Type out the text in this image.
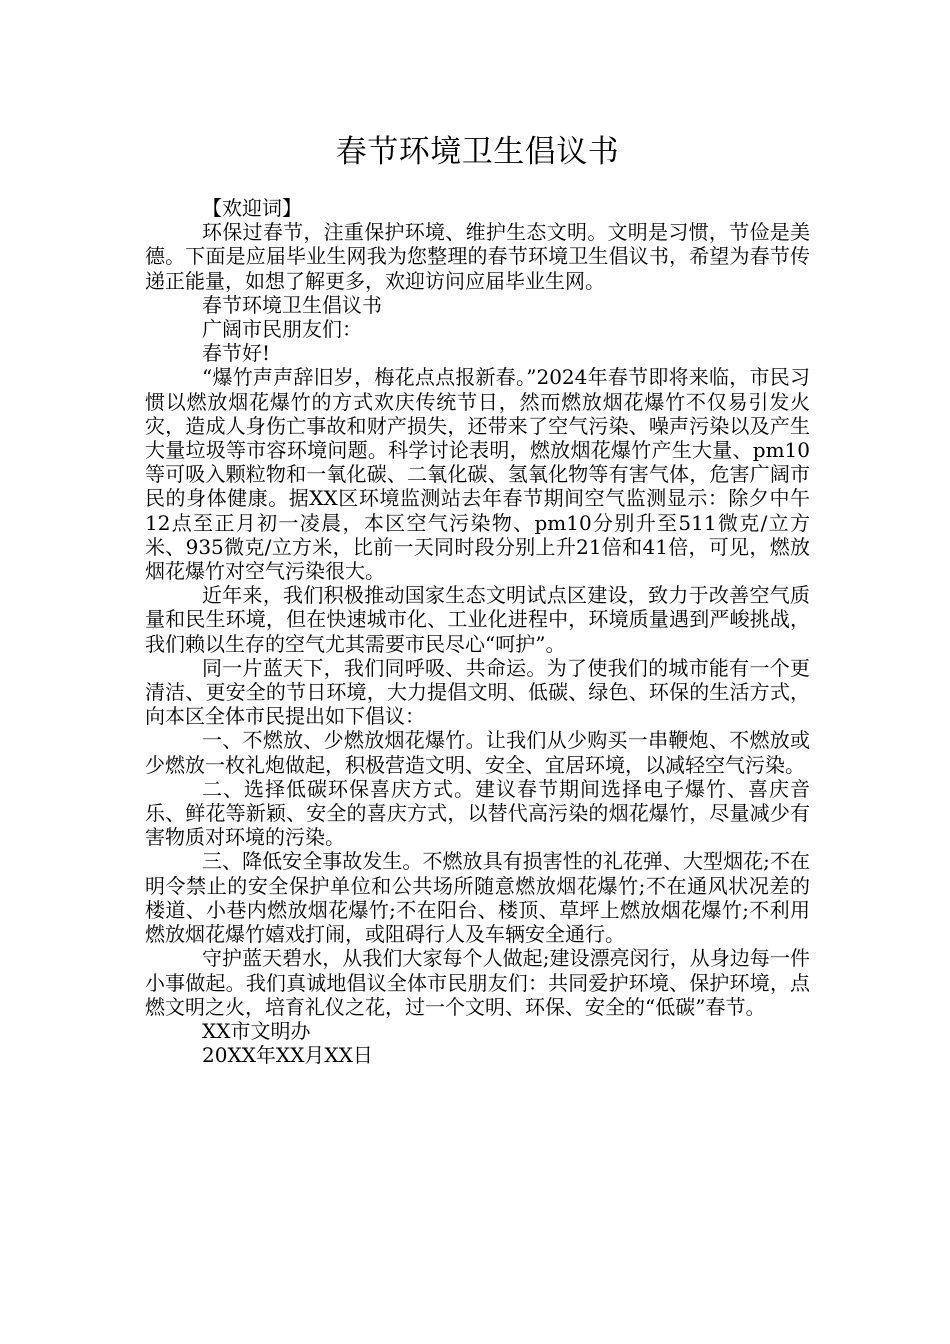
春节环境卫生倡议书

【欢迎词】

环保过春节，注重保护环境、维护生态文明。文明是习惯，节俭是美德。下面是应届毕业生网我为您整理的春节环境卫生倡议书，希望为春节传递正能量，如想了解更多，欢迎访问应届毕业生网。

春节环境卫生倡议书

广阔市民朋友们：

春节好!

“爆竹声声辞旧岁，梅花点点报新春。”2024年春节即将来临，市民习惯以燃放烟花爆竹的方式欢庆传统节日，然而燃放烟花爆竹不仅易引发火灾，造成人身伤亡事故和财产损失，还带来了空气污染、噪声污染以及产生大量垃圾等市容环境问题。科学讨论表明，燃放烟花爆竹产生大量、pm10等可吸入颗粒物和一氧化碳、二氧化碳、氢氧化物等有害气体，危害广阔市民的身体健康。据XX区环境监测站去年春节期间空气监测显示：除夕中午12点至正月初一凌晨，本区空气污染物、pm10分别升至511微克/立方米、935微克/立方米，比前一天同时段分别上升21倍和41倍，可见，燃放烟花爆竹对空气污染很大。

近年来，我们积极推动国家生态文明试点区建设，致力于改善空气质量和民生环境，但在快速城市化、工业化进程中，环境质量遇到严峻挑战，我们赖以生存的空气尤其需要市民尽心“呵护”。

同一片蓝天下，我们同呼吸、共命运。为了使我们的城市能有一个更清洁、更安全的节日环境，大力提倡文明、低碳、绿色、环保的生活方式，向本区全体市民提出如下倡议：

一、不燃放、少燃放烟花爆竹。让我们从少购买一串鞭炮、不燃放或少燃放一枚礼炮做起，积极营造文明、安全、宜居环境，以减轻空气污染。

二、选择低碳环保喜庆方式。建议春节期间选择电子爆竹、喜庆音乐、鲜花等新颖、安全的喜庆方式，以替代高污染的烟花爆竹，尽量减少有害物质对环境的污染。

三、降低安全事故发生。不燃放具有损害性的礼花弹、大型烟花;不在明令禁止的安全保护单位和公共场所随意燃放烟花爆竹;不在通风状况差的楼道、小巷内燃放烟花爆竹;不在阳台、楼顶、草坪上燃放烟花爆竹;不利用燃放烟花爆竹嬉戏打闹，或阻碍行人及车辆安全通行。

守护蓝天碧水，从我们大家每个人做起;建设漂亮闵行，从身边每一件小事做起。我们真诚地倡议全体市民朋友们：共同爱护环境、保护环境，点燃文明之火，培育礼仪之花，过一个文明、环保、安全的“低碳”春节。

XX市文明办

20XX年XX月XX日
